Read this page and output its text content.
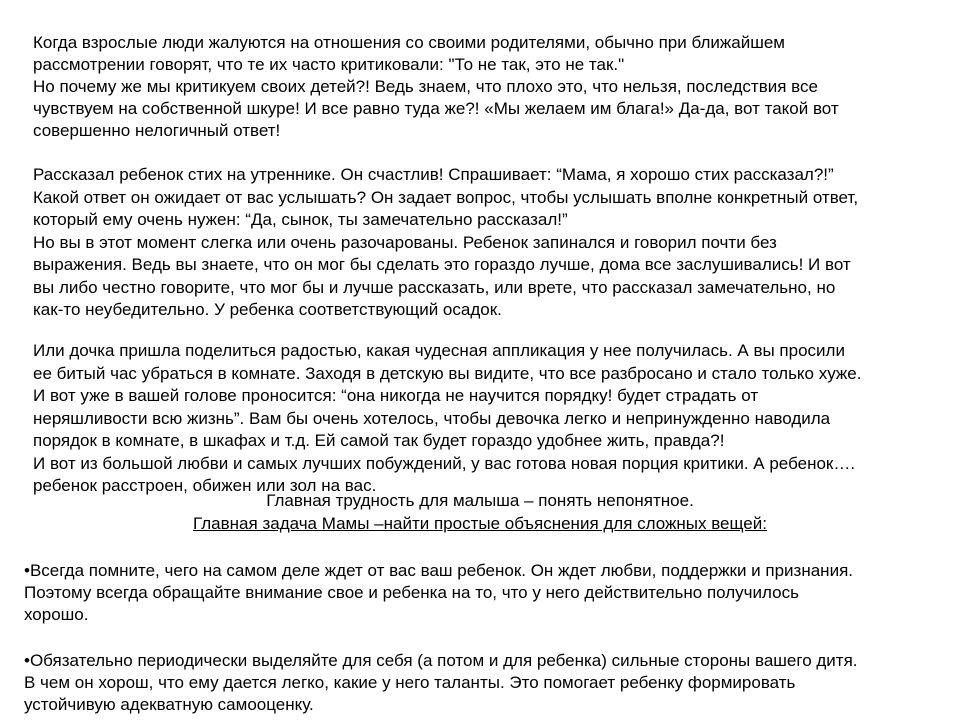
Когда взрослые люди жалуются на отношения со своими родителями, обычно при ближайшем
рассмотрении говорят, что те их часто критиковали: "То не так, это не так."
Но почему же мы критикуем своих детей?! Ведь знаем, что плохо это, что нельзя, последствия все
чувствуем на собственной шкуре! И все равно туда же?! «Мы желаем им блага!» Да-да, вот такой вот
совершенно нелогичный ответ!
Рассказал ребенок стих на утреннике. Он счастлив! Спрашивает: “Мама, я хорошо стих рассказал?!”
Какой ответ он ожидает от вас услышать? Он задает вопрос, чтобы услышать вполне конкретный ответ,
который ему очень нужен: “Да, сынок, ты замечательно рассказал!”
Но вы в этот момент слегка или очень разочарованы. Ребенок запинался и говорил почти без
выражения. Ведь вы знаете, что он мог бы сделать это гораздо лучше, дома все заслушивались! И вот
вы либо честно говорите, что мог бы и лучше рассказать, или врете, что рассказал замечательно, но
как-то неубедительно. У ребенка соответствующий осадок.
Или дочка пришла поделиться радостью, какая чудесная аппликация у нее получилась. А вы просили
ее битый час убраться в комнате. Заходя в детскую вы видите, что все разбросано и стало только хуже.
И вот уже в вашей голове проносится: “она никогда не научится порядку! будет страдать от
неряшливости всю жизнь”. Вам бы очень хотелось, чтобы девочка легко и непринужденно наводила
порядок в комнате, в шкафах и т.д. Ей самой так будет гораздо удобнее жить, правда?!
И вот из большой любви и самых лучших побуждений, у вас готова новая порция критики. А ребенок….
ребенок расстроен, обижен или зол на вас.
Главная трудность для малыша – понять непонятное.
Главная задача Мамы –найти простые объяснения для сложных вещей:
•Всегда помните, чего на самом деле ждет от вас ваш ребенок. Он ждет любви, поддержки и признания.
Поэтому всегда обращайте внимание свое и ребенка на то, что у него действительно получилось
хорошо.
•Обязательно периодически выделяйте для себя (а потом и для ребенка) сильные стороны вашего дитя.
В чем он хорош, что ему дается легко, какие у него таланты. Это помогает ребенку формировать
устойчивую адекватную самооценку.
